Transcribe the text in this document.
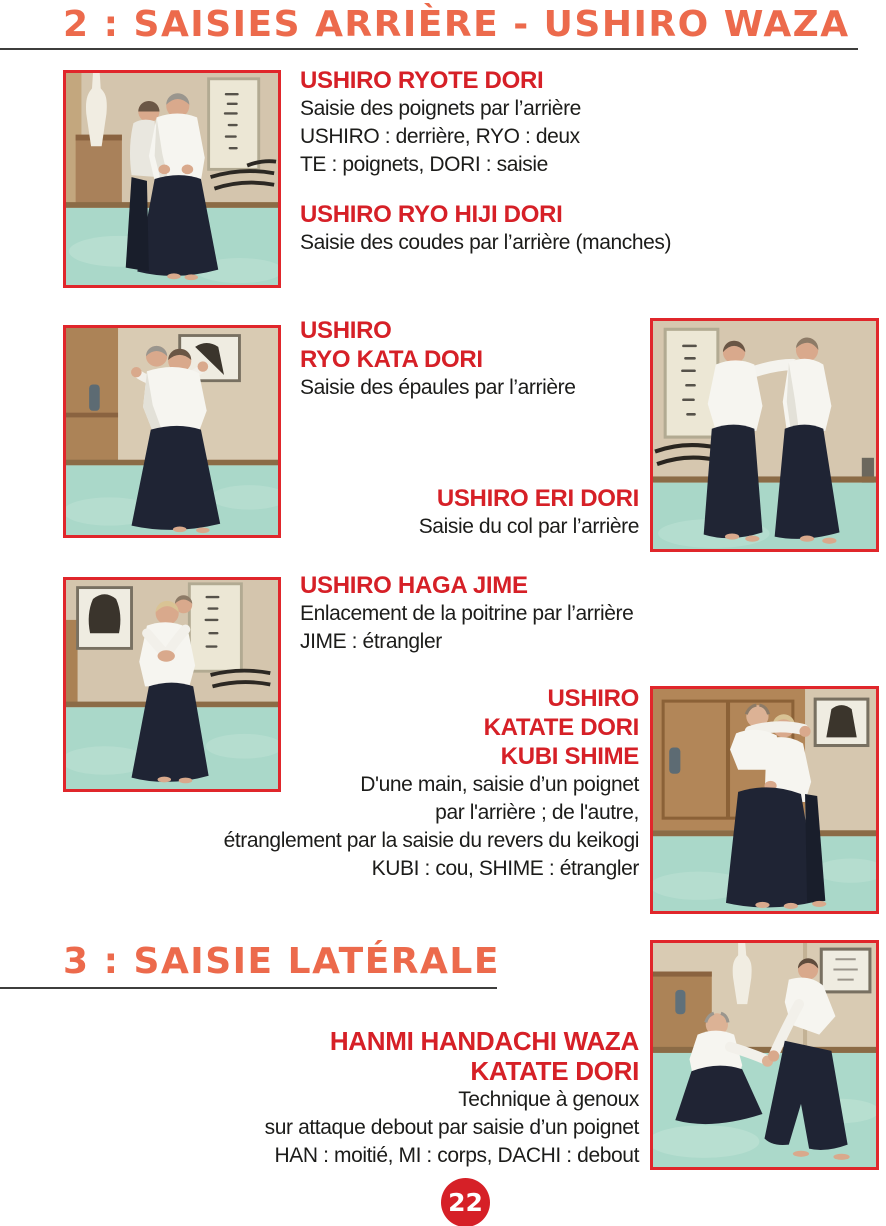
2 : SAISIES ARRIÈRE - USHIRO WAZA
USHIRO RYOTE DORI
Saisie des poignets par l’arrière
USHIRO : derrière, RYO : deux
TE : poignets, DORI : saisie
USHIRO RYO HIJI DORI
Saisie des coudes par l’arrière (manches)
USHIRO
RYO KATA DORI
Saisie des épaules par l’arrière
USHIRO ERI DORI
Saisie du col par l’arrière
USHIRO HAGA JIME
Enlacement de la poitrine par l’arrière
JIME : étrangler
USHIRO
KATATE DORI
KUBI SHIME
D'une main, saisie d’un poignet
par l'arrière ; de l'autre,
étranglement par la saisie du revers du keikogi
KUBI : cou, SHIME : étrangler
3 : SAISIE LATÉRALE
HANMI HANDACHI WAZA
KATATE DORI
Technique à genoux
sur attaque debout par saisie d’un poignet
HAN : moitié, MI : corps, DACHI : debout
22
